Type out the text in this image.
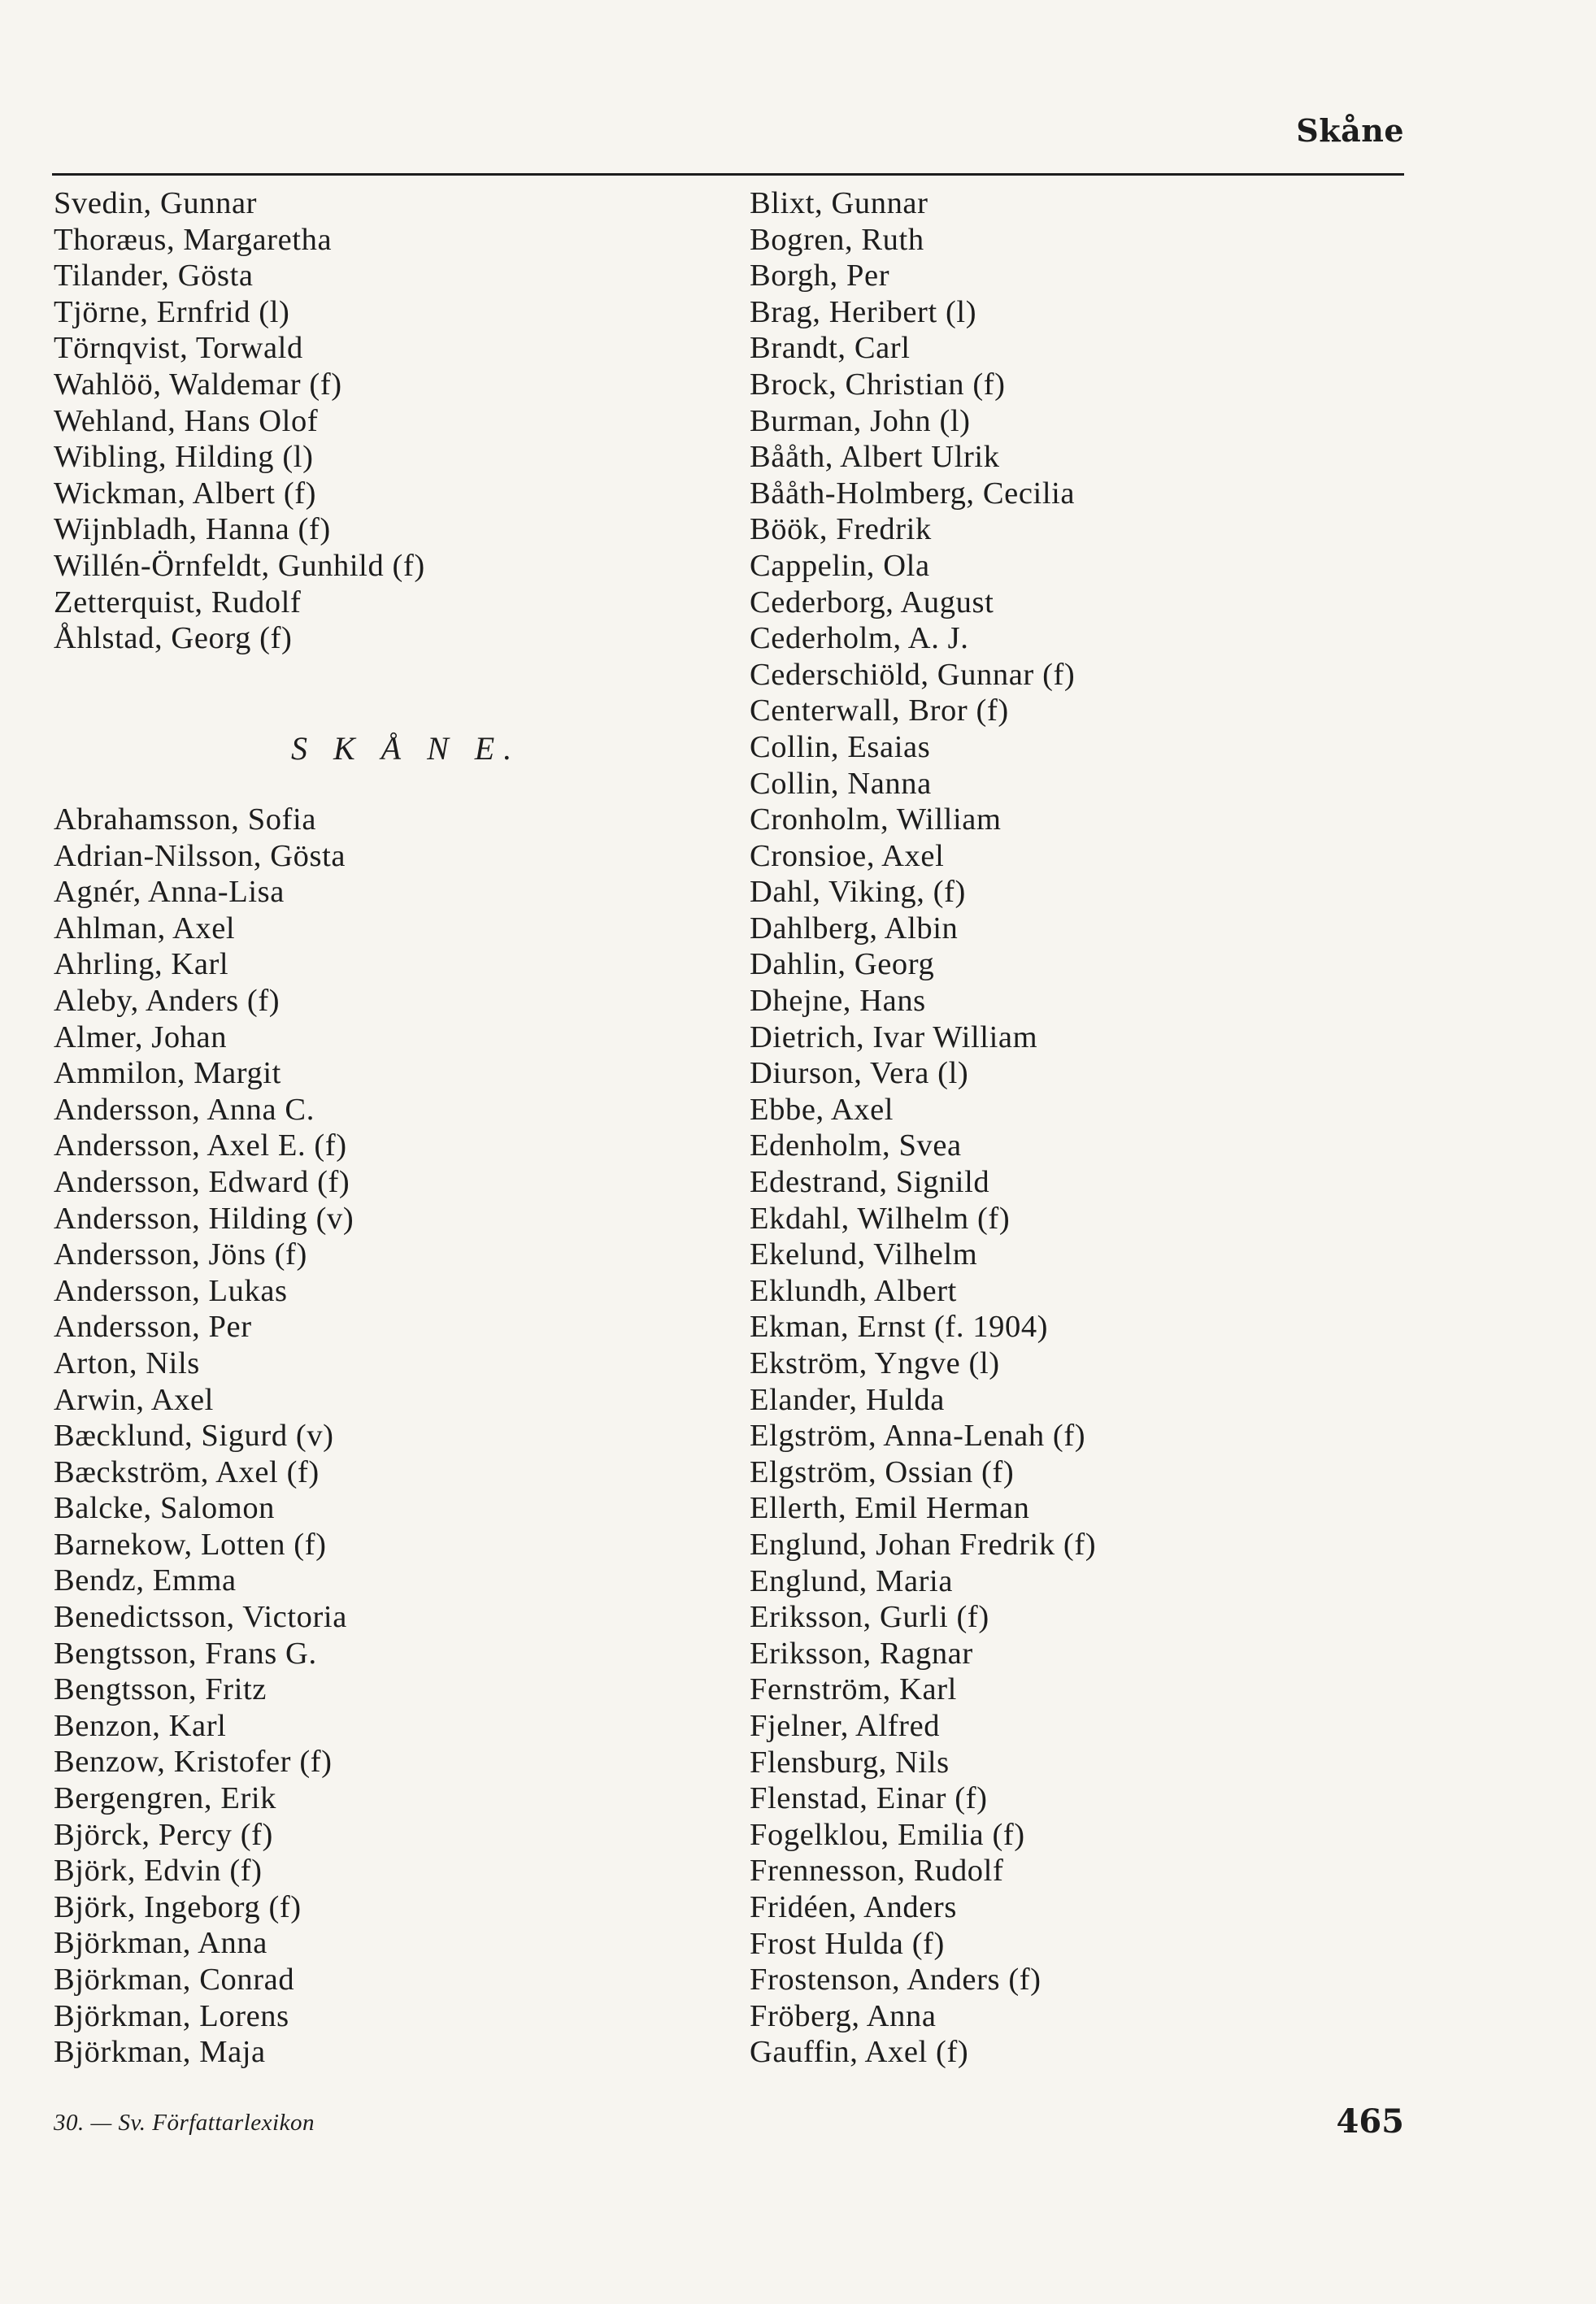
Skåne
Svedin, Gunnar
Thoræus, Margaretha
Tilander, Gösta
Tjörne, Ernfrid (l)
Törnqvist, Torwald
Wahlöö, Waldemar (f)
Wehland, Hans Olof
Wibling, Hilding (l)
Wickman, Albert (f)
Wijnbladh, Hanna (f)
Willén-Örnfeldt, Gunhild (f)
Zetterquist, Rudolf
Åhlstad, Georg (f)
S K Å N E.
Abrahamsson, Sofia
Adrian-Nilsson, Gösta
Agnér, Anna-Lisa
Ahlman, Axel
Ahrling, Karl
Aleby, Anders (f)
Almer, Johan
Ammilon, Margit
Andersson, Anna C.
Andersson, Axel E. (f)
Andersson, Edward (f)
Andersson, Hilding (v)
Andersson, Jöns (f)
Andersson, Lukas
Andersson, Per
Arton, Nils
Arwin, Axel
Bæcklund, Sigurd (v)
Bæckström, Axel (f)
Balcke, Salomon
Barnekow, Lotten (f)
Bendz, Emma
Benedictsson, Victoria
Bengtsson, Frans G.
Bengtsson, Fritz
Benzon, Karl
Benzow, Kristofer (f)
Bergengren, Erik
Björck, Percy (f)
Björk, Edvin (f)
Björk, Ingeborg (f)
Björkman, Anna
Björkman, Conrad
Björkman, Lorens
Björkman, Maja
Blixt, Gunnar
Bogren, Ruth
Borgh, Per
Brag, Heribert (l)
Brandt, Carl
Brock, Christian (f)
Burman, John (l)
Bååth, Albert Ulrik
Bååth-Holmberg, Cecilia
Böök, Fredrik
Cappelin, Ola
Cederborg, August
Cederholm, A. J.
Cederschiöld, Gunnar (f)
Centerwall, Bror (f)
Collin, Esaias
Collin, Nanna
Cronholm, William
Cronsioe, Axel
Dahl, Viking, (f)
Dahlberg, Albin
Dahlin, Georg
Dhejne, Hans
Dietrich, Ivar William
Diurson, Vera (l)
Ebbe, Axel
Edenholm, Svea
Edestrand, Signild
Ekdahl, Wilhelm (f)
Ekelund, Vilhelm
Eklundh, Albert
Ekman, Ernst (f. 1904)
Ekström, Yngve (l)
Elander, Hulda
Elgström, Anna-Lenah (f)
Elgström, Ossian (f)
Ellerth, Emil Herman
Englund, Johan Fredrik (f)
Englund, Maria
Eriksson, Gurli (f)
Eriksson, Ragnar
Fernström, Karl
Fjelner, Alfred
Flensburg, Nils
Flenstad, Einar (f)
Fogelklou, Emilia (f)
Frennesson, Rudolf
Fridéen, Anders
Frost Hulda (f)
Frostenson, Anders (f)
Fröberg, Anna
Gauffin, Axel (f)
30. — Sv. Författarlexikon	465
